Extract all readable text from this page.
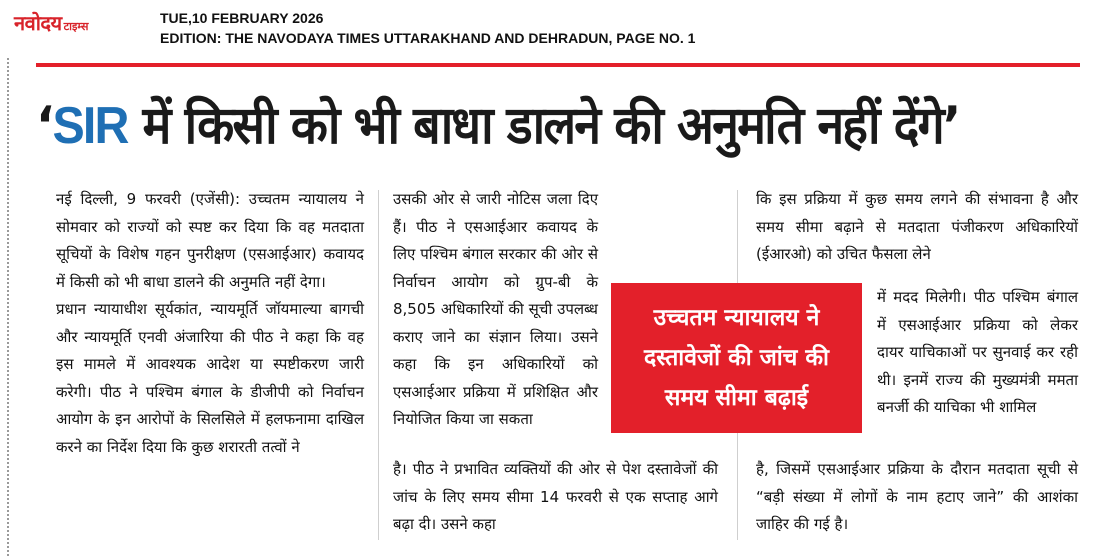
नवोदय टाइम्स
TUE,10 FEBRUARY 2026
EDITION: THE NAVODAYA TIMES UTTARAKHAND AND DEHRADUN, PAGE NO. 1
‘SIR में किसी को भी बाधा डालने की अनुमति नहीं देंगे’

नई दिल्ली, 9 फरवरी (एजेंसी): उच्चतम न्यायालय ने सोमवार को राज्यों को स्पष्ट कर दिया कि वह मतदाता सूचियों के विशेष गहन पुनरीक्षण (एसआईआर) कवायद में किसी को भी बाधा डालने की अनुमति नहीं देगा।

प्रधान न्यायाधीश सूर्यकांत, न्यायमूर्ति जॉयमाल्या बागची और न्यायमूर्ति एनवी अंजारिया की पीठ ने कहा कि वह इस मामले में आवश्यक आदेश या स्पष्टीकरण जारी करेगी। पीठ ने पश्चिम बंगाल के डीजीपी को निर्वाचन आयोग के इन आरोपों के सिलसिले में हलफनामा दाखिल करने का निर्देश दिया कि कुछ शरारती तत्वों ने

उसकी ओर से जारी नोटिस जला दिए हैं। पीठ ने एसआईआर कवायद के लिए पश्चिम बंगाल सरकार की ओर से निर्वाचन आयोग को ग्रुप-बी के 8,505 अधिकारियों की सूची उपलब्ध कराए जाने का संज्ञान लिया। उसने कहा कि इन अधिकारियों को एसआईआर प्रक्रिया में प्रशिक्षित और नियोजित किया जा सकता

है। पीठ ने प्रभावित व्यक्तियों की ओर से पेश दस्तावेजों की जांच के लिए समय सीमा 14 फरवरी से एक सप्ताह आगे बढ़ा दी। उसने कहा

उच्चतम न्यायालय ने
दस्तावेजों की जांच की
समय सीमा बढ़ाई

कि इस प्रक्रिया में कुछ समय लगने की संभावना है और समय सीमा बढ़ाने से मतदाता पंजीकरण अधिकारियों (ईआरओ) को उचित फैसला लेने

में मदद मिलेगी। पीठ पश्चिम बंगाल में एसआईआर प्रक्रिया को लेकर दायर याचिकाओं पर सुनवाई कर रही थी। इनमें राज्य की मुख्यमंत्री ममता बनर्जी की याचिका भी शामिल

है, जिसमें एसआईआर प्रक्रिया के दौरान मतदाता सूची से “बड़ी संख्या में लोगों के नाम हटाए जाने” की आशंका जाहिर की गई है।
